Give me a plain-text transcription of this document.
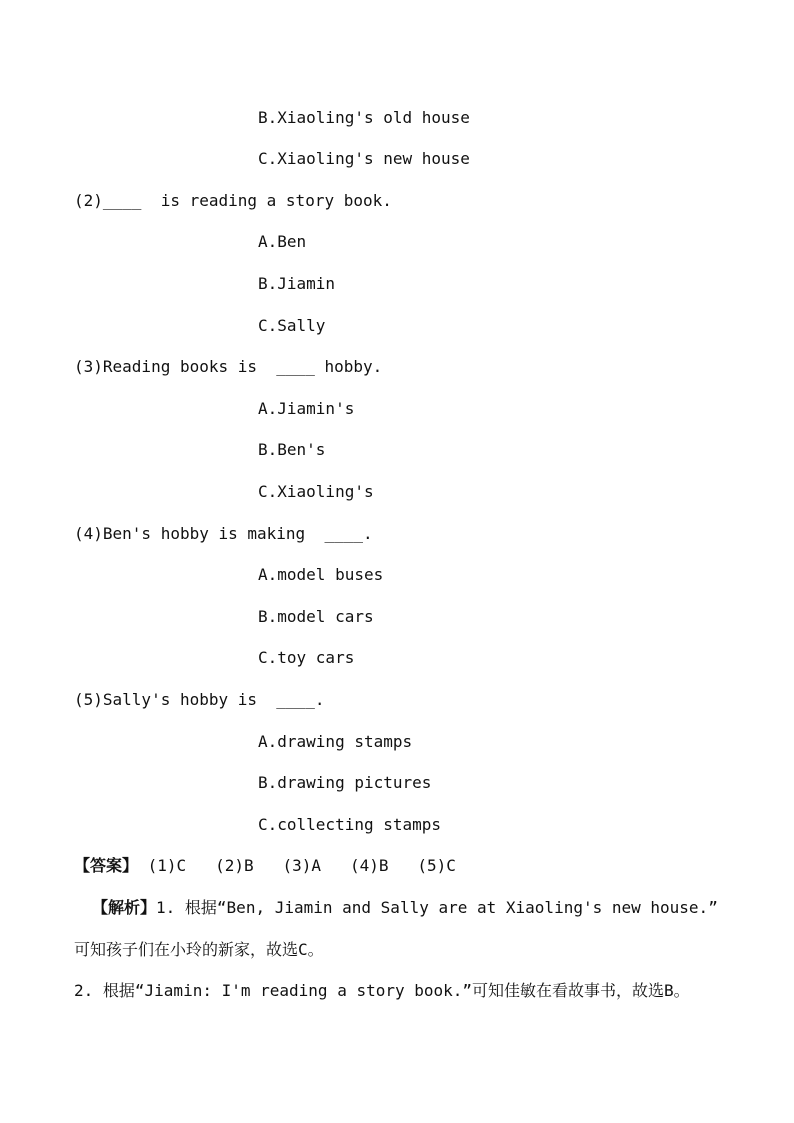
B.Xiaoling's old house
C.Xiaoling's new house
(2)____  is reading a story book.
A.Ben
B.Jiamin
C.Sally
(3)Reading books is  ____ hobby.
A.Jiamin's
B.Ben's
C.Xiaoling's
(4)Ben's hobby is making  ____.
A.model buses
B.model cars
C.toy cars
(5)Sally's hobby is  ____.
A.drawing stamps
B.drawing pictures
C.collecting stamps
【答案】 (1)C   (2)B   (3)A   (4)B   (5)C
【解析】1. 根据“Ben, Jiamin and Sally are at Xiaoling's new house.”
可知孩子们在小玲的新家，故选C。
2. 根据“Jiamin: I'm reading a story book.”可知佳敏在看故事书，故选B。
